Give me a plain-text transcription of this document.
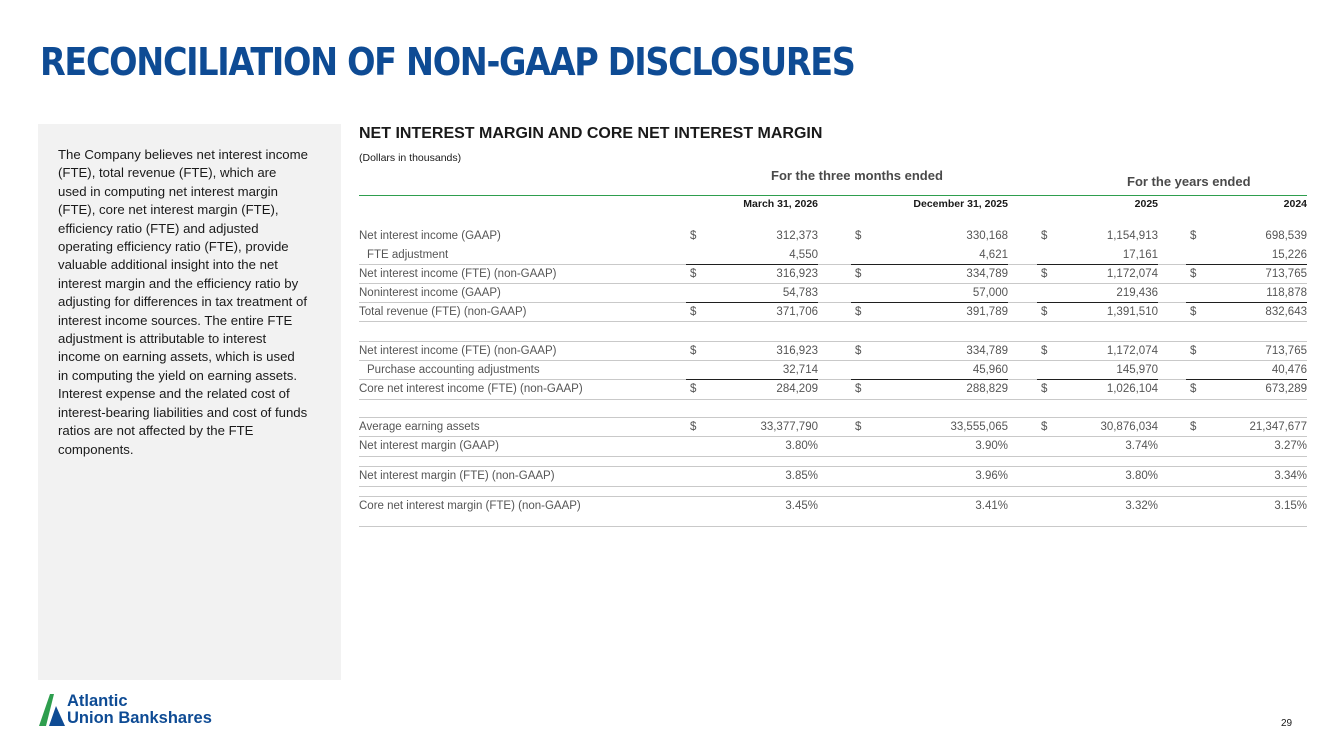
RECONCILIATION OF NON-GAAP DISCLOSURES
The Company believes net interest income (FTE), total revenue (FTE), which are used in computing net interest margin (FTE), core net interest margin (FTE), efficiency ratio (FTE) and adjusted operating efficiency ratio (FTE), provide valuable additional insight into the net interest margin and the efficiency ratio by adjusting for differences in tax treatment of interest income sources. The entire FTE adjustment is attributable to interest income on earning assets, which is used in computing the yield on earning assets. Interest expense and the related cost of interest-bearing liabilities and cost of funds ratios are not affected by the FTE components.
NET INTEREST MARGIN AND CORE NET INTEREST MARGIN
(Dollars in thousands)
For the three months ended	For the years ended
March 31, 2026	December 31, 2025	2025	2024
Net interest income (GAAP)	$	312,373	$	330,168	$	1,154,913	$	698,539
FTE adjustment	4,550	4,621	17,161	15,226
Net interest income (FTE) (non-GAAP)	$	316,923	$	334,789	$	1,172,074	$	713,765
Noninterest income (GAAP)	54,783	57,000	219,436	118,878
Total revenue (FTE) (non-GAAP)	$	371,706	$	391,789	$	1,391,510	$	832,643
Net interest income (FTE) (non-GAAP)	$	316,923	$	334,789	$	1,172,074	$	713,765
Purchase accounting adjustments	32,714	45,960	145,970	40,476
Core net interest income (FTE) (non-GAAP)	$	284,209	$	288,829	$	1,026,104	$	673,289
Average earning assets	$	33,377,790	$	33,555,065	$	30,876,034	$	21,347,677
Net interest margin (GAAP)	3.80%	3.90%	3.74%	3.27%
Net interest margin (FTE) (non-GAAP)	3.85%	3.96%	3.80%	3.34%
Core net interest margin (FTE) (non-GAAP)	3.45%	3.41%	3.32%	3.15%
Atlantic
Union Bankshares	29
